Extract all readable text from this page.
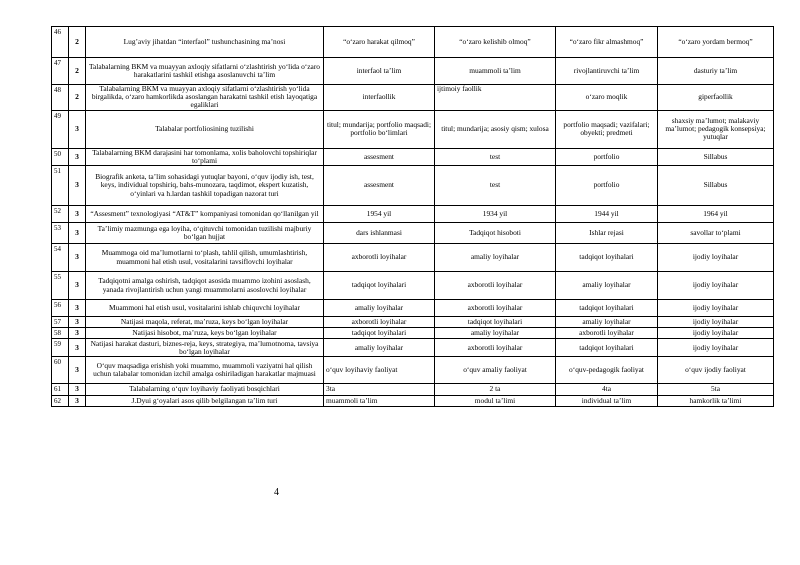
46	2	Lug’aviy jihatdan “interfaol” tushunchasining ma’nosi	“o‘zaro harakat qilmoq”	“o‘zaro kelishib olmoq”	“o‘zaro fikr almashmoq”	“o‘zaro yordam bermoq”
47	2	Talabalarning BKM va muayyan axloqiy sifatlarni o‘zlashtirish yo‘lida o‘zaro harakatlarini tashkil etishga asoslanuvchi ta’lim	interfaol ta’lim	muammoli ta’lim	rivojlantiruvchi ta’lim	dasturiy ta’lim
48	2	Talabalarning BKM va muayyan axloqiy sifatlarni o‘zlashtirish yo‘lida birgalikda, o‘zaro hamkorlikda asoslangan harakatni tashkil etish layoqatiga egaliklari	interfaollik	ijtimoiy faollik	o‘zaro moqlik	giperfaollik
49	3	Talabalar portfoliosining tuzilishi	titul; mundarija; portfolio maqsadi; portfolio bo‘limlari	titul; mundarija; asosiy qism; xulosa	portfolio maqsadi; vazifalari; obyekti; predmeti	shaxsiy ma’lumot; malakaviy ma’lumot; pedagogik konsepsiya; yutuqlar
50	3	Talabalarning BKM darajasini har tomonlama, xolis baholovchi topshiriqlar to‘plami	assesment	test	portfolio	Sillabus
51	3	Biografik anketa, ta’lim sohasidagi yutuqlar bayoni, o‘quv ijodiy ish, test, keys, individual topshiriq, bahs-munozara, taqdimot, ekspert kuzatish, o‘yinlari va h.lardan tashkil topadigan nazorat turi	assesment	test	portfolio	Sillabus
52	3	“Assesment” texnologiyasi “AT&T” kompaniyasi tomonidan qo‘llanilgan yil	1954 yil	1934 yil	1944 yil	1964 yil
53	3	Ta’limiy mazmunga ega loyiha, o‘qituvchi tomonidan tuzilishi majburiy bo‘lgan hujjat	dars ishlanmasi	Tadqiqot hisoboti	Ishlar rejasi	savollar to‘plami
54	3	Muammoga oid ma’lumotlarni to‘plash, tahlil qilish, umumlashtirish, muammoni hal etish usul, vositalarini tavsiflovchi loyihalar	axborotli loyihalar	amaliy loyihalar	tadqiqot loyihalari	ijodiy loyihalar
55	3	Tadqiqotni amalga oshirish, tadqiqot asosida muammo izohini asoslash, yanada rivojlantirish uchun yangi muammolarni asoslovchi loyihalar	tadqiqot loyihalari	axborotli loyihalar	amaliy loyihalar	ijodiy loyihalar
56	3	Muammoni hal etish usul, vositalarini ishlab chiquvchi loyihalar	amaliy loyihalar	axborotli loyihalar	tadqiqot loyihalari	ijodiy loyihalar
57	3	Natijasi maqola, referat, ma’ruza, keys bo‘lgan loyihalar	axborotli loyihalar	tadqiqot loyihalari	amaliy loyihalar	ijodiy loyihalar
58	3	Natijasi hisobot, ma’ruza, keys bo‘lgan loyihalar	tadqiqot loyihalari	amaliy loyihalar	axborotli loyihalar	ijodiy loyihalar
59	3	Natijasi harakat dasturi, biznes-reja, keys, strategiya, ma’lumotnoma, tavsiya bo‘lgan loyihalar	amaliy loyihalar	axborotli loyihalar	tadqiqot loyihalari	ijodiy loyihalar
60	3	O‘quv maqsadiga erishish yoki muammo, muammoli vaziyatni hal qilish uchun talabalar tomonidan izchil amalga oshiriladigan harakatlar majmuasi	o‘quv loyihaviy faoliyat	o‘quv amaliy faoliyat	o‘quv-pedagogik faoliyat	o‘quv ijodiy faoliyat
61	3	Talabalarning o‘quv loyihaviy faoliyati bosqichlari	3ta	2 ta	4ta	5ta
62	3	J.Dyui g‘oyalari asos qilib belgilangan ta’lim turi	muammoli ta’lim	modul ta’limi	individual ta’lim	hamkorlik ta’limi
4
